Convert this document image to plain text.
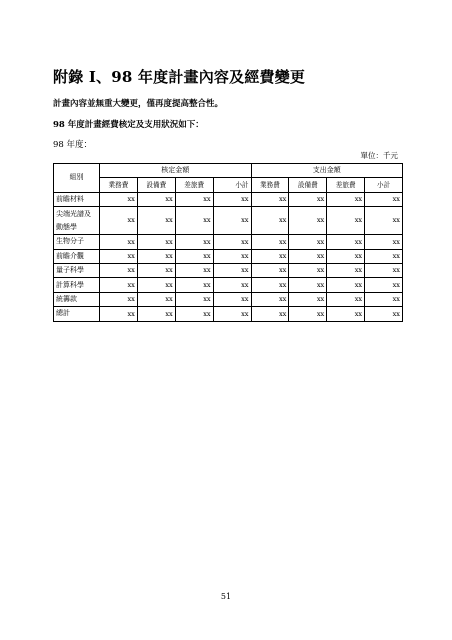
附錄 I、98 年度計畫內容及經費變更
計畫內容並無重大變更，僅再度提高整合性。
98 年度計畫經費核定及支用狀況如下：
98 年度：
單位：千元
組別	核定金額				支出金額			
	業務費	設備費	差旅費	小計	業務費	設備費	差旅費	小計
前瞻材料	xx	xx	xx	xx	xx	xx	xx	xx
尖端光譜及動態學	xx	xx	xx	xx	xx	xx	xx	xx
生物分子	xx	xx	xx	xx	xx	xx	xx	xx
前瞻介觀	xx	xx	xx	xx	xx	xx	xx	xx
量子科學	xx	xx	xx	xx	xx	xx	xx	xx
計算科學	xx	xx	xx	xx	xx	xx	xx	xx
統籌款	xx	xx	xx	xx	xx	xx	xx	xx
總計	xx	xx	xx	xx	xx	xx	xx	xx
51
